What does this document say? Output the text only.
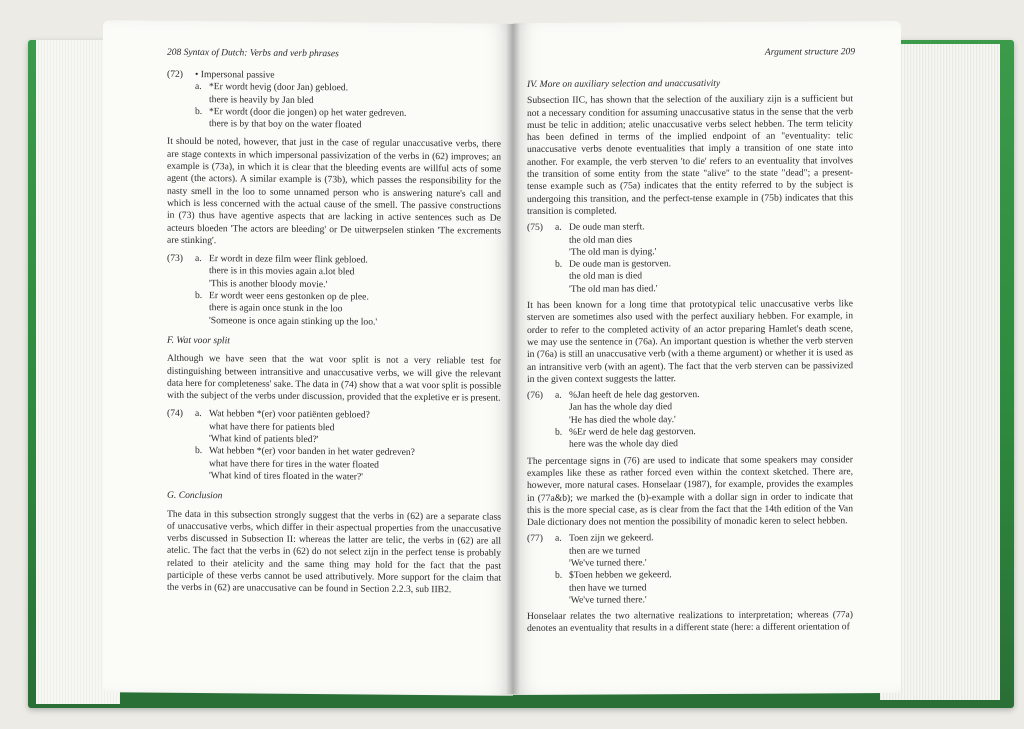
208 Syntax of Dutch: Verbs and verb phrases
(72)	• Impersonal passive
a. *Er wordt hevig (door Jan) gebloed.
there is heavily by Jan bled
b. *Er wordt (door die jongen) op het water gedreven.
there is by that boy on the water floated
It should be noted, however, that just in the case of regular unaccusative verbs, there are stage contexts in which impersonal passivization of the verbs in (62) improves; an example is (73a), in which it is clear that the bleeding events are willful acts of some agent (the actors). A similar example is (73b), which passes the responsibility for the nasty smell in the loo to some unnamed person who is answering nature's call and which is less concerned with the actual cause of the smell. The passive constructions in (73) thus have agentive aspects that are lacking in active sentences such as De acteurs bloeden 'The actors are bleeding' or De uitwerpselen stinken 'The excrements are stinking'.
(73)	a. Er wordt in deze film weer flink gebloed.
there is in this movies again a.lot bled
'This is another bloody movie.'
b. Er wordt weer eens gestonken op de plee.
there is again once stunk in the loo
'Someone is once again stinking up the loo.'
F. Wat voor split
Although we have seen that the wat voor split is not a very reliable test for distinguishing between intransitive and unaccusative verbs, we will give the relevant data here for completeness' sake. The data in (74) show that a wat voor split is possible with the subject of the verbs under discussion, provided that the expletive er is present.
(74)	a. Wat hebben *(er) voor patiënten gebloed?
what have there for patients bled
'What kind of patients bled?'
b. Wat hebben *(er) voor banden in het water gedreven?
what have there for tires in the water floated
'What kind of tires floated in the water?'
G. Conclusion
The data in this subsection strongly suggest that the verbs in (62) are a separate class of unaccusative verbs, which differ in their aspectual properties from the unaccusative verbs discussed in Subsection II: whereas the latter are telic, the verbs in (62) are all atelic. The fact that the verbs in (62) do not select zijn in the perfect tense is probably related to their atelicity and the same thing may hold for the fact that the past participle of these verbs cannot be used attributively. More support for the claim that the verbs in (62) are unaccusative can be found in Section 2.2.3, sub IIB2.
Argument structure 209
IV. More on auxiliary selection and unaccusativity
Subsection IIC, has shown that the selection of the auxiliary zijn is a sufficient but not a necessary condition for assuming unaccusative status in the sense that the verb must be telic in addition; atelic unaccusative verbs select hebben. The term telicity has been defined in terms of the implied endpoint of an "eventuality: telic unaccusative verbs denote eventualities that imply a transition of one state into another. For example, the verb sterven 'to die' refers to an eventuality that involves the transition of some entity from the state "alive" to the state "dead"; a present-tense example such as (75a) indicates that the entity referred to by the subject is undergoing this transition, and the perfect-tense example in (75b) indicates that this transition is completed.
(75)	a. De oude man sterft.
the old man dies
'The old man is dying.'
b. De oude man is gestorven.
the old man is died
'The old man has died.'
It has been known for a long time that prototypical telic unaccusative verbs like sterven are sometimes also used with the perfect auxiliary hebben. For example, in order to refer to the completed activity of an actor preparing Hamlet's death scene, we may use the sentence in (76a). An important question is whether the verb sterven in (76a) is still an unaccusative verb (with a theme argument) or whether it is used as an intransitive verb (with an agent). The fact that the verb sterven can be passivized in the given context suggests the latter.
(76)	a. %Jan heeft de hele dag gestorven.
Jan has the whole day died
'He has died the whole day.'
b. %Er werd de hele dag gestorven.
here was the whole day died
The percentage signs in (76) are used to indicate that some speakers may consider examples like these as rather forced even within the context sketched. There are, however, more natural cases. Honselaar (1987), for example, provides the examples in (77a&b); we marked the (b)-example with a dollar sign in order to indicate that this is the more special case, as is clear from the fact that the 14th edition of the Van Dale dictionary does not mention the possibility of monadic keren to select hebben.
(77)	a. Toen zijn we gekeerd.
then are we turned
'We've turned there.'
b. $Toen hebben we gekeerd.
then have we turned
'We've turned there.'
Honselaar relates the two alternative realizations to interpretation; whereas (77a) denotes an eventuality that results in a different state (here: a different orientation of
